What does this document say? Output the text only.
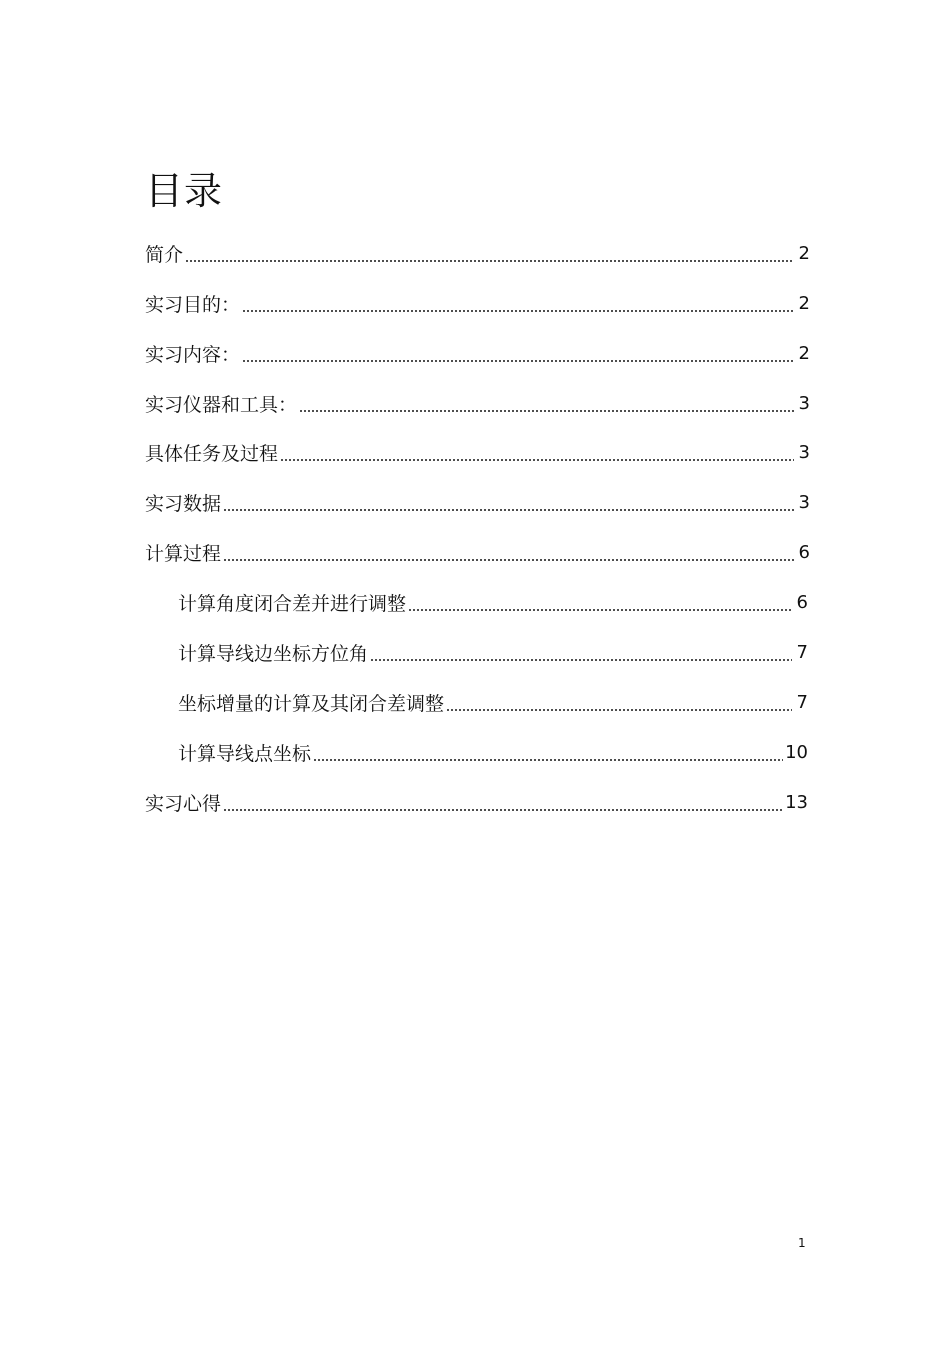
目录
简介	2
实习目的：	2
实习内容：	2
实习仪器和工具：	3
具体任务及过程	3
实习数据	3
计算过程	6
计算角度闭合差并进行调整	6
计算导线边坐标方位角	7
坐标增量的计算及其闭合差调整	7
计算导线点坐标	10
实习心得	13
1
